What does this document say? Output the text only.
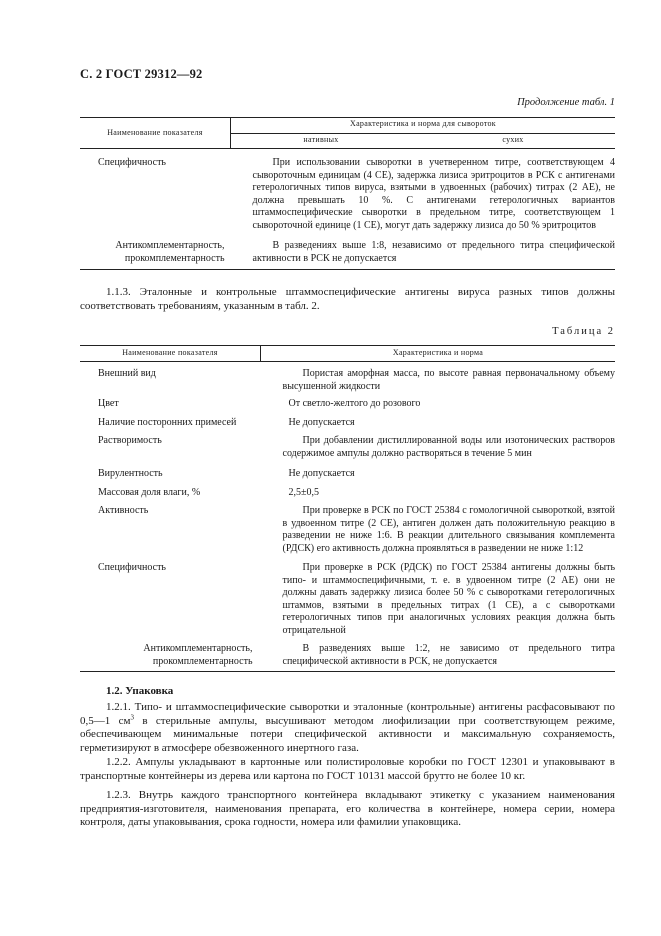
С. 2 ГОСТ 29312—92
Продолжение табл. 1
Наименование показателя	Характеристика и норма для сывороток	
	нативных	сухих
Специфичность	При использовании сыворотки в учетверенном титре, соответствующем 4 сывороточным единицам (4 СЕ), задержка лизиса эритроцитов в РСК с антигенами гетерологичных типов вируса, взятыми в удвоенных (рабочих) титрах (2 АЕ), не должна превышать 10 %. С антигенами гетерологичных вариантов штаммоспецифические сыворотки в предельном титре, соответствующем 1 сывороточной единице (1 СЕ), могут дать задержку лизиса до 50 % эритроцитов	
Антикомплементарность, прокомплементарность	В разведениях выше 1:8, независимо от предельного титра специфической активности в РСК не допускается	
1.1.3. Эталонные и контрольные штаммоспецифические антигены вируса разных типов должны соответствовать требованиям, указанным в табл. 2.
Таблица 2
Наименование показателя	Характеристика и норма
Внешний вид	Пористая аморфная масса, по высоте равная первоначальному объему высушенной жидкости
Цвет	От светло-желтого до розового
Наличие посторонних примесей	Не допускается
Растворимость	При добавлении дистиллированной воды или изотонических растворов содержимое ампулы должно растворяться в течение 5 мин
Вирулентность	Не допускается
Массовая доля влаги, %	2,5±0,5
Активность	При проверке в РСК по ГОСТ 25384 с гомологичной сывороткой, взятой в удвоенном титре (2 СЕ), антиген должен дать положительную реакцию в разведении не ниже 1:6. В реакции длительного связывания комплемента (РДСК) его активность должна проявляться в разведении не ниже 1:12
Специфичность	При проверке в РСК (РДСК) по ГОСТ 25384 антигены должны быть типо- и штаммоспецифичными, т. е. в удвоенном титре (2 АЕ) они не должны давать задержку лизиса более 50 % с сыворотками гетерологичных штаммов, взятыми в предельных титрах (1 СЕ), а с сыворотками гетерологичных типов при аналогичных условиях реакция должна быть отрицательной
Антикомплементарность, прокомплементарность	В разведениях выше 1:2, не зависимо от предельного титра специфической активности в РСК, не допускается
1.2. Упаковка
1.2.1. Типо- и штаммоспецифические сыворотки и эталонные (контрольные) антигены расфасовывают по 0,5—1 $см^3$ в стерильные ампулы, высушивают методом лиофилизации при соответствующем режиме, обеспечивающем минимальные потери специфической активности и максимальную сохраняемость, герметизируют в атмосфере обезвоженного инертного газа.
1.2.2. Ампулы укладывают в картонные или полистироловые коробки по ГОСТ 12301 и упаковывают в транспортные контейнеры из дерева или картона по ГОСТ 10131 массой брутто не более 10 кг.
1.2.3. Внутрь каждого транспортного контейнера вкладывают этикетку с указанием наименования предприятия-изготовителя, наименования препарата, его количества в контейнере, номера серии, номера контроля, даты упаковывания, срока годности, номера или фамилии упаковщика.
